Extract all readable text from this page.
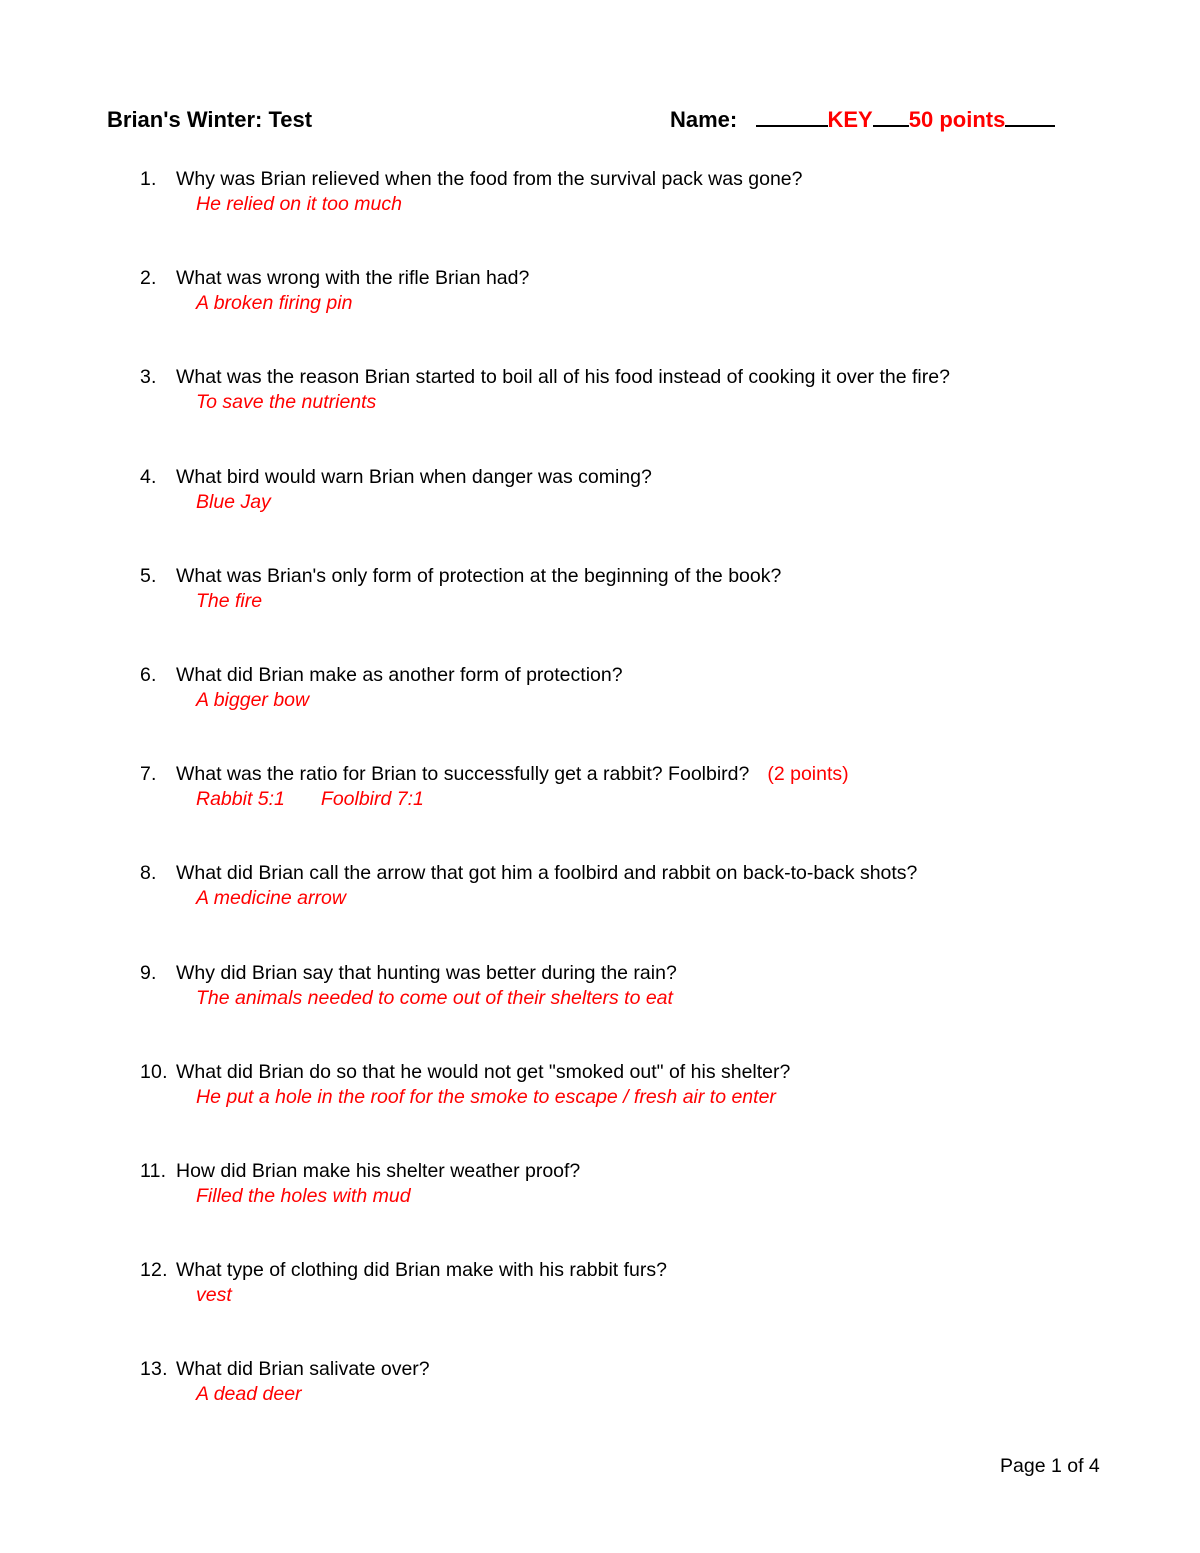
Brian's Winter: Test	Name:	KEY 50 points
1. Why was Brian relieved when the food from the survival pack was gone?
He relied on it too much
2. What was wrong with the rifle Brian had?
A broken firing pin
3. What was the reason Brian started to boil all of his food instead of cooking it over the fire?
To save the nutrients
4. What bird would warn Brian when danger was coming?
Blue Jay
5. What was Brian's only form of protection at the beginning of the book?
The fire
6. What did Brian make as another form of protection?
A bigger bow
7. What was the ratio for Brian to successfully get a rabbit? Foolbird? (2 points)
Rabbit 5:1 Foolbird 7:1
8. What did Brian call the arrow that got him a foolbird and rabbit on back-to-back shots?
A medicine arrow
9. Why did Brian say that hunting was better during the rain?
The animals needed to come out of their shelters to eat
10. What did Brian do so that he would not get "smoked out" of his shelter?
He put a hole in the roof for the smoke to escape / fresh air to enter
11. How did Brian make his shelter weather proof?
Filled the holes with mud
12. What type of clothing did Brian make with his rabbit furs?
vest
13. What did Brian salivate over?
A dead deer
Page 1 of 4
